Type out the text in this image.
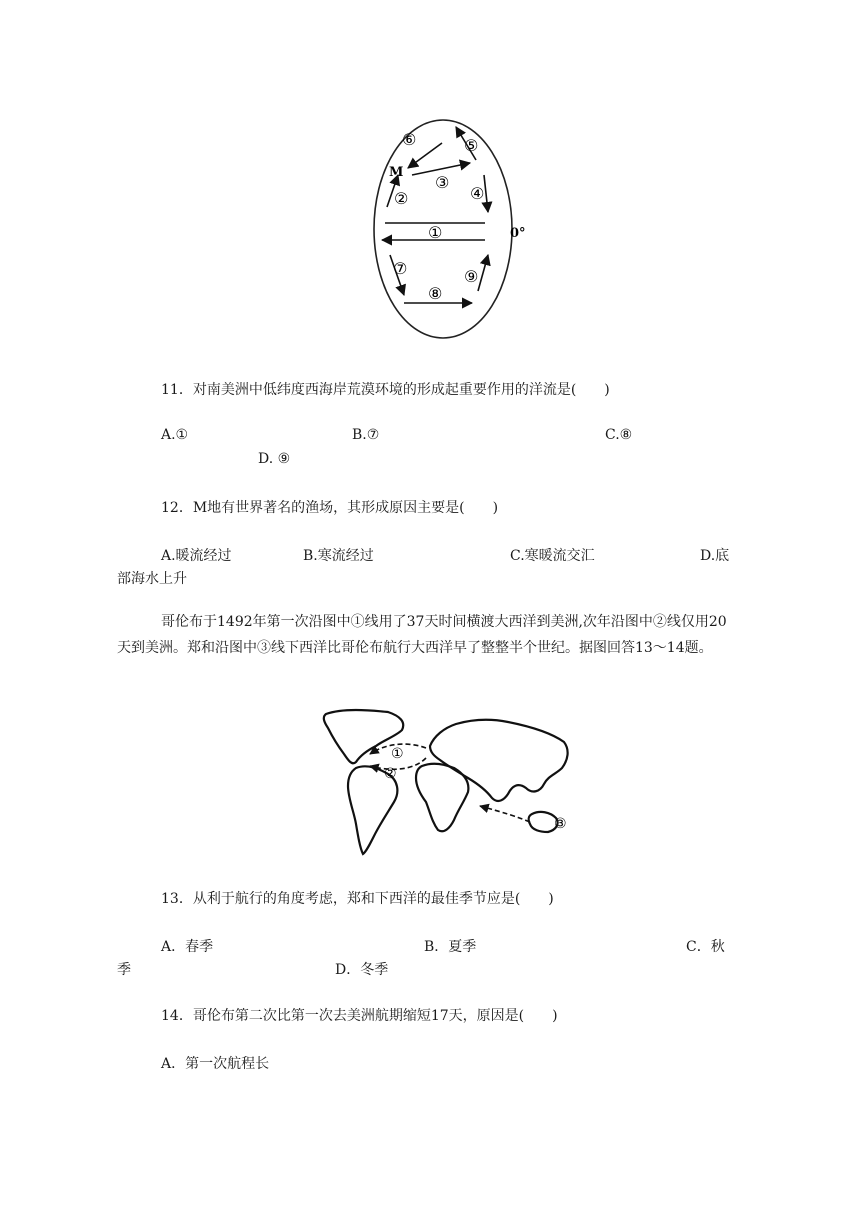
⑥	⑤
M
③
②	④
①	0°
⑦	⑨
⑧
11．对南美洲中低纬度西海岸荒漠环境的形成起重要作用的洋流是(　　)
A.①	B.⑦	C.⑧
D. ⑨
12．M地有世界著名的渔场，其形成原因主要是(　　)
A.暖流经过	B.寒流经过	C.寒暖流交汇	D.底
部海水上升
哥伦布于1492年第一次沿图中①线用了37天时间横渡大西洋到美洲,次年沿图中②线仅用20天到美洲。郑和沿图中③线下西洋比哥伦布航行大西洋早了整整半个世纪。据图回答13～14题。
①
②
③
13．从利于航行的角度考虑，郑和下西洋的最佳季节应是(　　)
A．春季	B．夏季	C．秋
季	D．冬季
14．哥伦布第二次比第一次去美洲航期缩短17天，原因是(　　)
A．第一次航程长
